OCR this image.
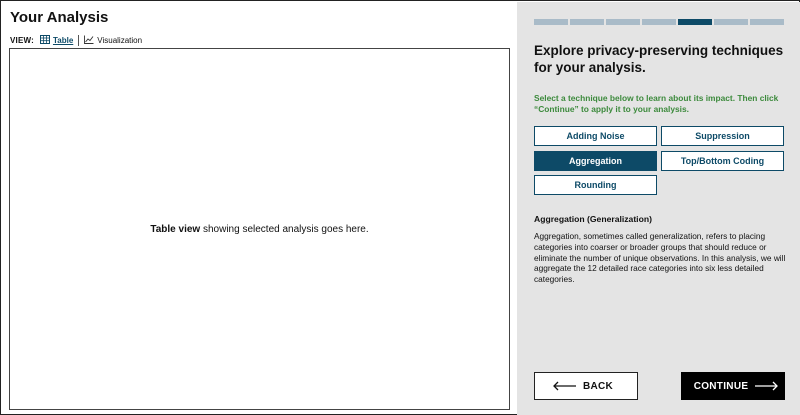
Your Analysis
VIEW: Table	Visualization
Table view showing selected analysis goes here.
Explore privacy-preserving techniques for your analysis.
Select a technique below to learn about its impact. Then click “Continue” to apply it to your analysis.
Adding Noise	Suppression
Aggregation	Top/Bottom Coding
Rounding
Aggregation (Generalization)
Aggregation, sometimes called generalization, refers to placing categories into coarser or broader groups that should reduce or eliminate the number of unique observations. In this analysis, we will aggregate the 12 detailed race categories into six less detailed categories.
BACK	CONTINUE
